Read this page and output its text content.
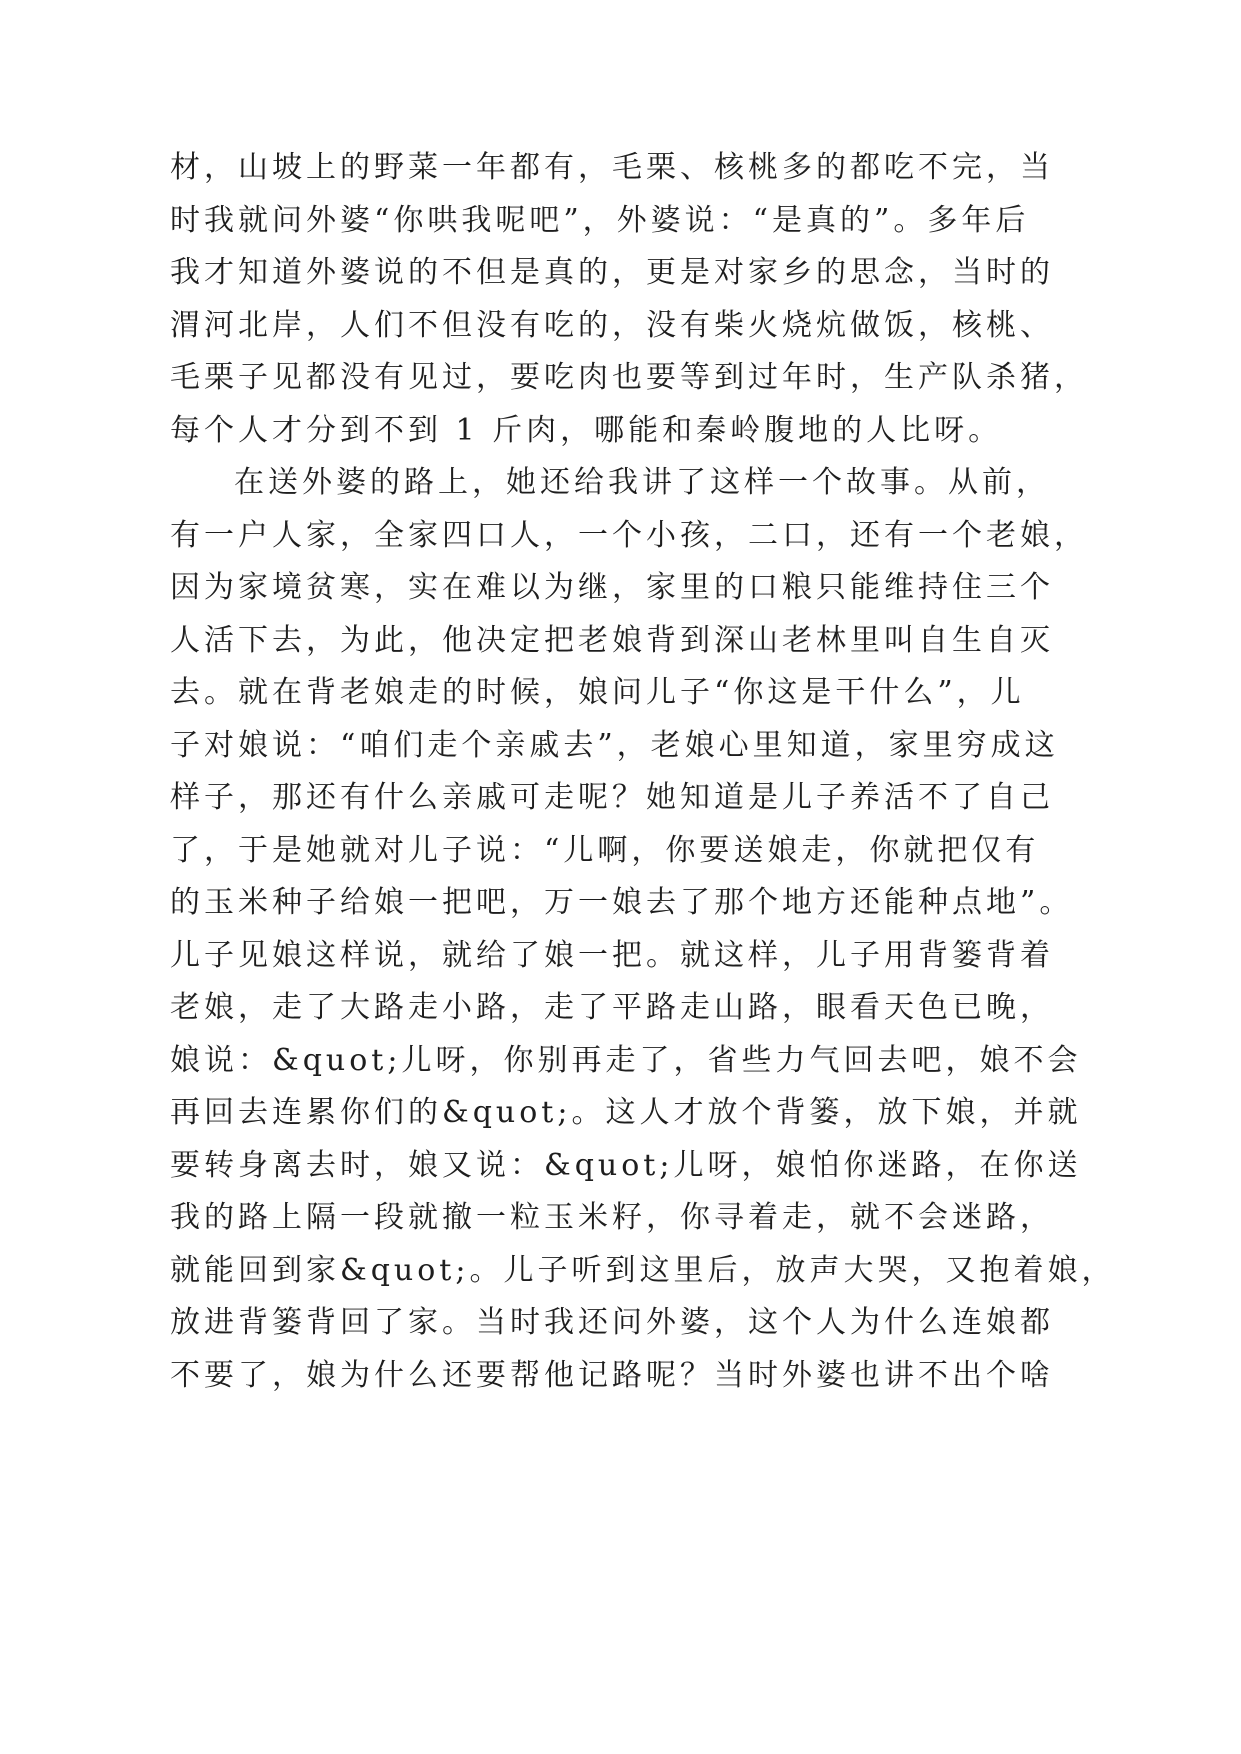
材，山坡上的野菜一年都有，毛栗、核桃多的都吃不完，当
时我就问外婆“你哄我呢吧”，外婆说：“是真的”。多年后
我才知道外婆说的不但是真的，更是对家乡的思念，当时的
渭河北岸，人们不但没有吃的，没有柴火烧炕做饭，核桃、
毛栗子见都没有见过，要吃肉也要等到过年时，生产队杀猪，
每个人才分到不到 1 斤肉，哪能和秦岭腹地的人比呀。
在送外婆的路上，她还给我讲了这样一个故事。从前，
有一户人家，全家四口人，一个小孩，二口，还有一个老娘，
因为家境贫寒，实在难以为继，家里的口粮只能维持住三个
人活下去，为此，他决定把老娘背到深山老林里叫自生自灭
去。就在背老娘走的时候，娘问儿子“你这是干什么”，儿
子对娘说：“咱们走个亲戚去”，老娘心里知道，家里穷成这
样子，那还有什么亲戚可走呢？她知道是儿子养活不了自己
了，于是她就对儿子说：“儿啊，你要送娘走，你就把仅有
的玉米种子给娘一把吧，万一娘去了那个地方还能种点地”。
儿子见娘这样说，就给了娘一把。就这样，儿子用背篓背着
老娘，走了大路走小路，走了平路走山路，眼看天色已晚，
娘说：&quot;儿呀，你别再走了，省些力气回去吧，娘不会
再回去连累你们的&quot;。这人才放个背篓，放下娘，并就
要转身离去时，娘又说：&quot;儿呀，娘怕你迷路，在你送
我的路上隔一段就撤一粒玉米籽，你寻着走，就不会迷路，
就能回到家&quot;。儿子听到这里后，放声大哭，又抱着娘，
放进背篓背回了家。当时我还问外婆，这个人为什么连娘都
不要了，娘为什么还要帮他记路呢？当时外婆也讲不出个啥
